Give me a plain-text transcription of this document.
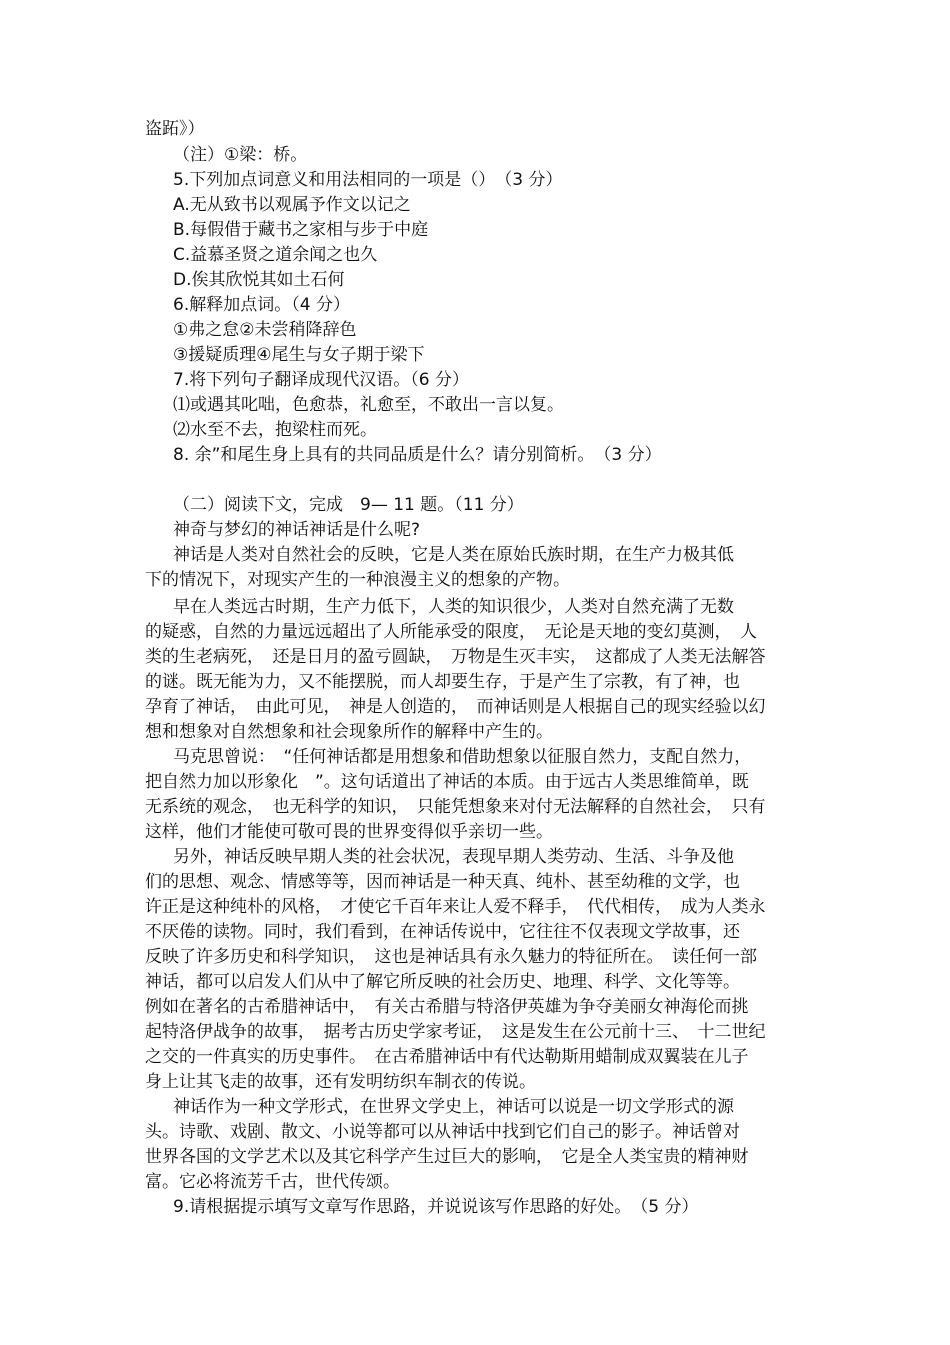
盗跖》）
（注）①梁：桥。
5.下列加点词意义和用法相同的一项是（）　（3 分）
A.无从致书以观属予作文以记之
B.每假借于藏书之家相与步于中庭
C.益慕圣贤之道余闻之也久
D.俟其欣悦其如土石何
6.解释加点词。（4 分）
①弗之怠②未尝稍降辞色
③援疑质理④尾生与女子期于梁下
7.将下列句子翻译成现代汉语。（6 分）
⑴或遇其叱咄，色愈恭，礼愈至，不敢出一言以复。
⑵水至不去，抱梁柱而死。
8. 余”和尾生身上具有的共同品质是什么？请分别简析。　（3 分）
（二）阅读下文，完成　9— 11 题。（11 分）
神奇与梦幻的神话神话是什么呢?
神话是人类对自然社会的反映，它是人类在原始氏族时期，在生产力极其低
下的情况下，对现实产生的一种浪漫主义的想象的产物。
早在人类远古时期，生产力低下，人类的知识很少，人类对自然充满了无数
的疑惑，自然的力量远远超出了人所能承受的限度，　无论是天地的变幻莫测，　人
类的生老病死，　还是日月的盈亏圆缺，　万物是生灭丰实，　这都成了人类无法解答
的谜。既无能为力，又不能摆脱，而人却要生存，于是产生了宗教，有了神，也
孕育了神话，　由此可见，　神是人创造的，　而神话则是人根据自己的现实经验以幻
想和想象对自然想象和社会现象所作的解释中产生的。
马克思曾说：　“任何神话都是用想象和借助想象以征服自然力，支配自然力，
把自然力加以形象化　”。这句话道出了神话的本质。由于远古人类思维简单，既
无系统的观念，　也无科学的知识，　只能凭想象来对付无法解释的自然社会，　只有
这样，他们才能使可敬可畏的世界变得似乎亲切一些。
另外，神话反映早期人类的社会状况，表现早期人类劳动、生活、斗争及他
们的思想、观念、情感等等，因而神话是一种天真、纯朴、甚至幼稚的文学，也
许正是这种纯朴的风格，　才使它千百年来让人爱不释手，　代代相传，　成为人类永
不厌倦的读物。同时，我们看到，在神话传说中，它往往不仅表现文学故事，还
反映了许多历史和科学知识，　这也是神话具有永久魅力的特征所在。　读任何一部
神话，都可以启发人们从中了解它所反映的社会历史、地理、科学、文化等等。
例如在著名的古希腊神话中，　有关古希腊与特洛伊英雄为争夺美丽女神海伦而挑
起特洛伊战争的故事，　据考古历史学家考证，　这是发生在公元前十三、　十二世纪
之交的一件真实的历史事件。　在古希腊神话中有代达勒斯用蜡制成双翼装在儿子
身上让其飞走的故事，还有发明纺织车制衣的传说。
神话作为一种文学形式，在世界文学史上，神话可以说是一切文学形式的源
头。诗歌、戏剧、散文、小说等都可以从神话中找到它们自己的影子。神话曾对
世界各国的文学艺术以及其它科学产生过巨大的影响，　它是全人类宝贵的精神财
富。它必将流芳千古，世代传颂。
9.请根据提示填写文章写作思路，并说说该写作思路的好处。　（5 分）
